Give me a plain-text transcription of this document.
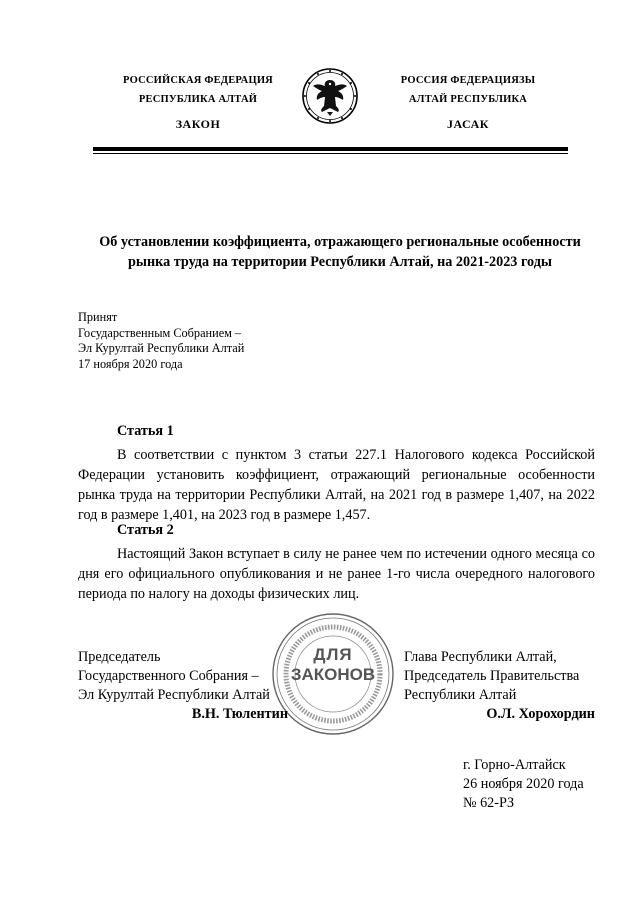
РОССИЙСКАЯ ФЕДЕРАЦИЯ
РЕСПУБЛИКА АЛТАЙ
ЗАКОН
РОССИЯ ФЕДЕРАЦИЯЗЫ
АЛТАЙ РЕСПУБЛИКА
JАСАК
Об установлении коэффициента, отражающего региональные особенности
рынка труда на территории Республики Алтай, на 2021-2023 годы
Принят
Государственным Собранием –
Эл Курултай Республики Алтай
17 ноября 2020 года
Статья 1

В соответствии с пунктом 3 статьи 227.1 Налогового кодекса Российской Федерации установить коэффициент, отражающий региональные особенности рынка труда на территории Республики Алтай, на 2021 год в размере 1,407, на 2022 год в размере 1,401, на 2023 год в размере 1,457.

Статья 2

Настоящий Закон вступает в силу не ранее чем по истечении одного месяца со дня его официального опубликования и не ранее 1-го числа очередного налогового периода по налогу на доходы физических лиц.

ДЛЯ
ЗАКОНОВ
Председатель
Государственного Собрания –
Эл Курултай Республики Алтай
В.Н. Тюлентин
Глава Республики Алтай,
Председатель Правительства
Республики Алтай
О.Л. Хорохордин
г. Горно-Алтайск
26 ноября 2020 года
№ 62-РЗ
